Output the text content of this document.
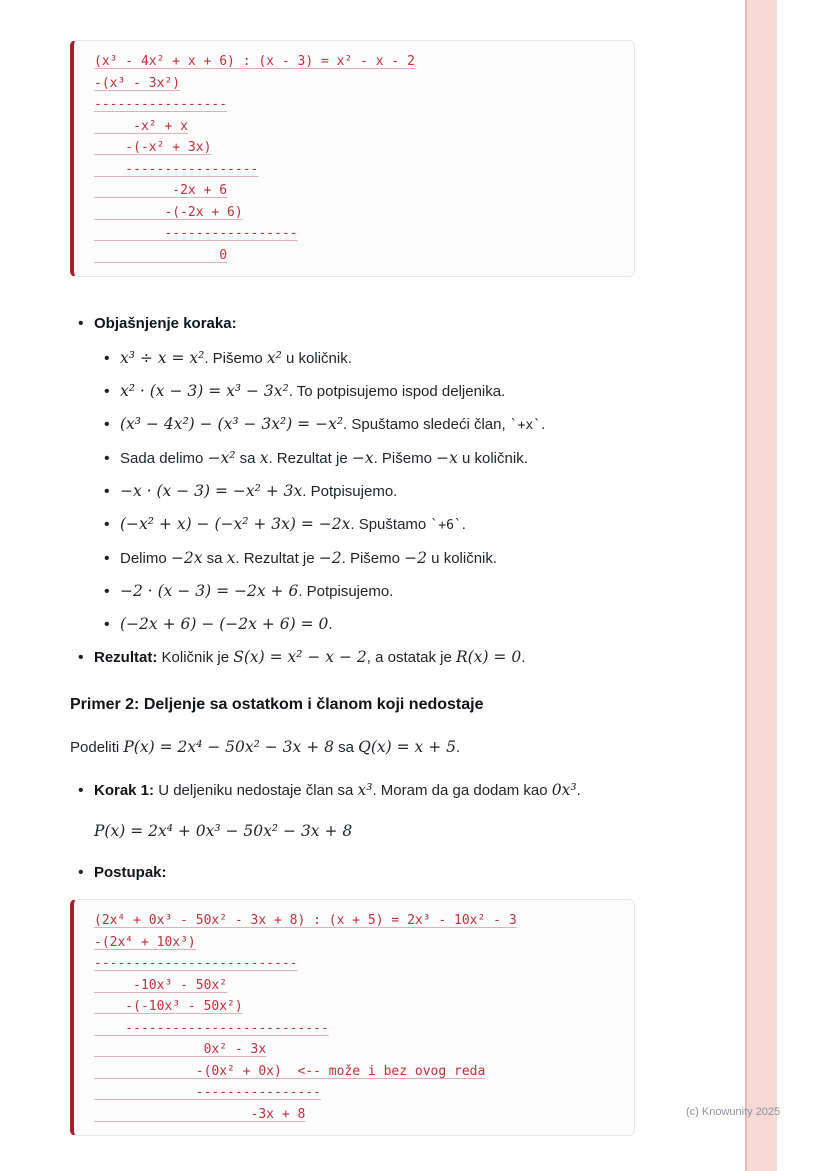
(c) Knowunity 2025
(x³ - 4x² + x + 6) : (x - 3) = x² - x - 2
-(x³ - 3x²)
-----------------
-x² + x
-(-x² + 3x)
-----------------
-2x + 6
-(-2x + 6)
-----------------
0
• Objašnjenje koraka:
• x³ ÷ x = x². Pišemo x² u količnik.
• x² · (x − 3) = x³ − 3x². To potpisujemo ispod deljenika.
• (x³ − 4x²) − (x³ − 3x²) = −x². Spuštamo sledeći član, `+x`.
• Sada delimo −x² sa x. Rezultat je −x. Pišemo −x u količnik.
• −x · (x − 3) = −x² + 3x. Potpisujemo.
• (−x² + x) − (−x² + 3x) = −2x. Spuštamo `+6`.
• Delimo −2x sa x. Rezultat je −2. Pišemo −2 u količnik.
• −2 · (x − 3) = −2x + 6. Potpisujemo.
• (−2x + 6) − (−2x + 6) = 0.
• Rezultat: Količnik je S(x) = x² − x − 2, a ostatak je R(x) = 0.
Primer 2: Deljenje sa ostatkom i članom koji nedostaje

Podeliti P(x) = 2x⁴ − 50x² − 3x + 8 sa Q(x) = x + 5.

• Korak 1: U deljeniku nedostaje član sa x³. Moram da ga dodam kao 0x³.
P(x) = 2x⁴ + 0x³ − 50x² − 3x + 8
• Postupak:
(2x⁴ + 0x³ - 50x² - 3x + 8) : (x + 5) = 2x³ - 10x² - 3
-(2x⁴ + 10x³)
--------------------------
-10x³ - 50x²
-(-10x³ - 50x²)
--------------------------
0x² - 3x
-(0x² + 0x)  <-- može i bez ovog reda
----------------
-3x + 8
